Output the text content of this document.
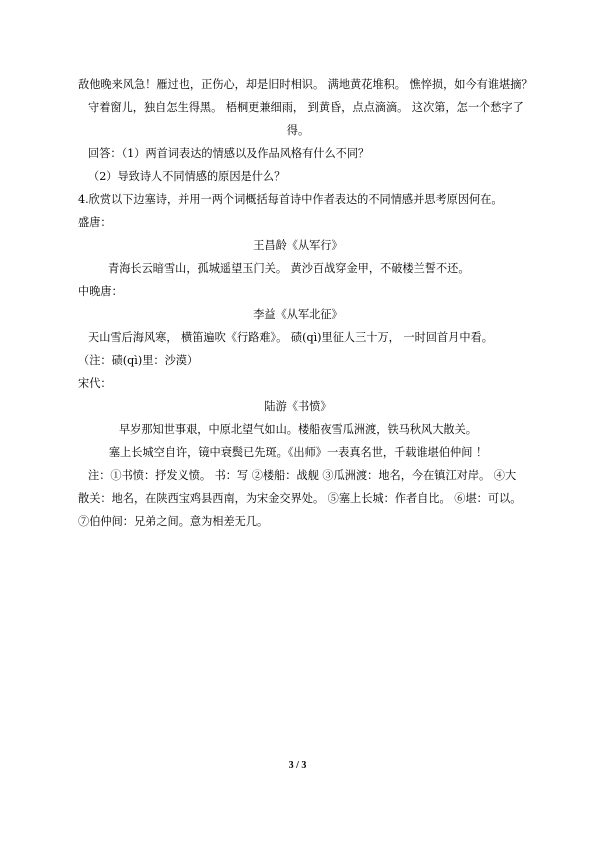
敌他晚来风急！雁过也，正伤心，却是旧时相识。 满地黄花堆积。 憔悴损，如今有谁堪摘？
守着窗儿，独自怎生得黑。 梧桐更兼细雨， 到黄昏，点点滴滴。 这次第，怎一个愁字了
得。
回答：（1）两首词表达的情感以及作品风格有什么不同？
（2）导致诗人不同情感的原因是什么？
4.欣赏以下边塞诗，并用一两个词概括每首诗中作者表达的不同情感并思考原因何在。
盛唐：
王昌龄《从军行》
青海长云暗雪山，孤城遥望玉门关。 黄沙百战穿金甲，不破楼兰誓不还。
中晚唐：
李益《从军北征》
天山雪后海风寒， 横笛遍吹《行路难》。 碛(qì)里征人三十万， 一时回首月中看。
（注：碛(qì)里：沙漠）
宋代：
陆游《书愤》
早岁那知世事艰，中原北望气如山。楼船夜雪瓜洲渡，铁马秋风大散关。
塞上长城空自许，镜中衰鬓已先斑。《出师》一表真名世，千载谁堪伯仲间 ！
注：①书愤：抒发义愤。 书：写 ②楼船：战舰 ③瓜洲渡：地名，今在镇江对岸。 ④大
散关：地名，在陕西宝鸡县西南，为宋金交界处。 ⑤塞上长城：作者自比。 ⑥堪：可以。
⑦伯仲间：兄弟之间。意为相差无几。
3 / 3
